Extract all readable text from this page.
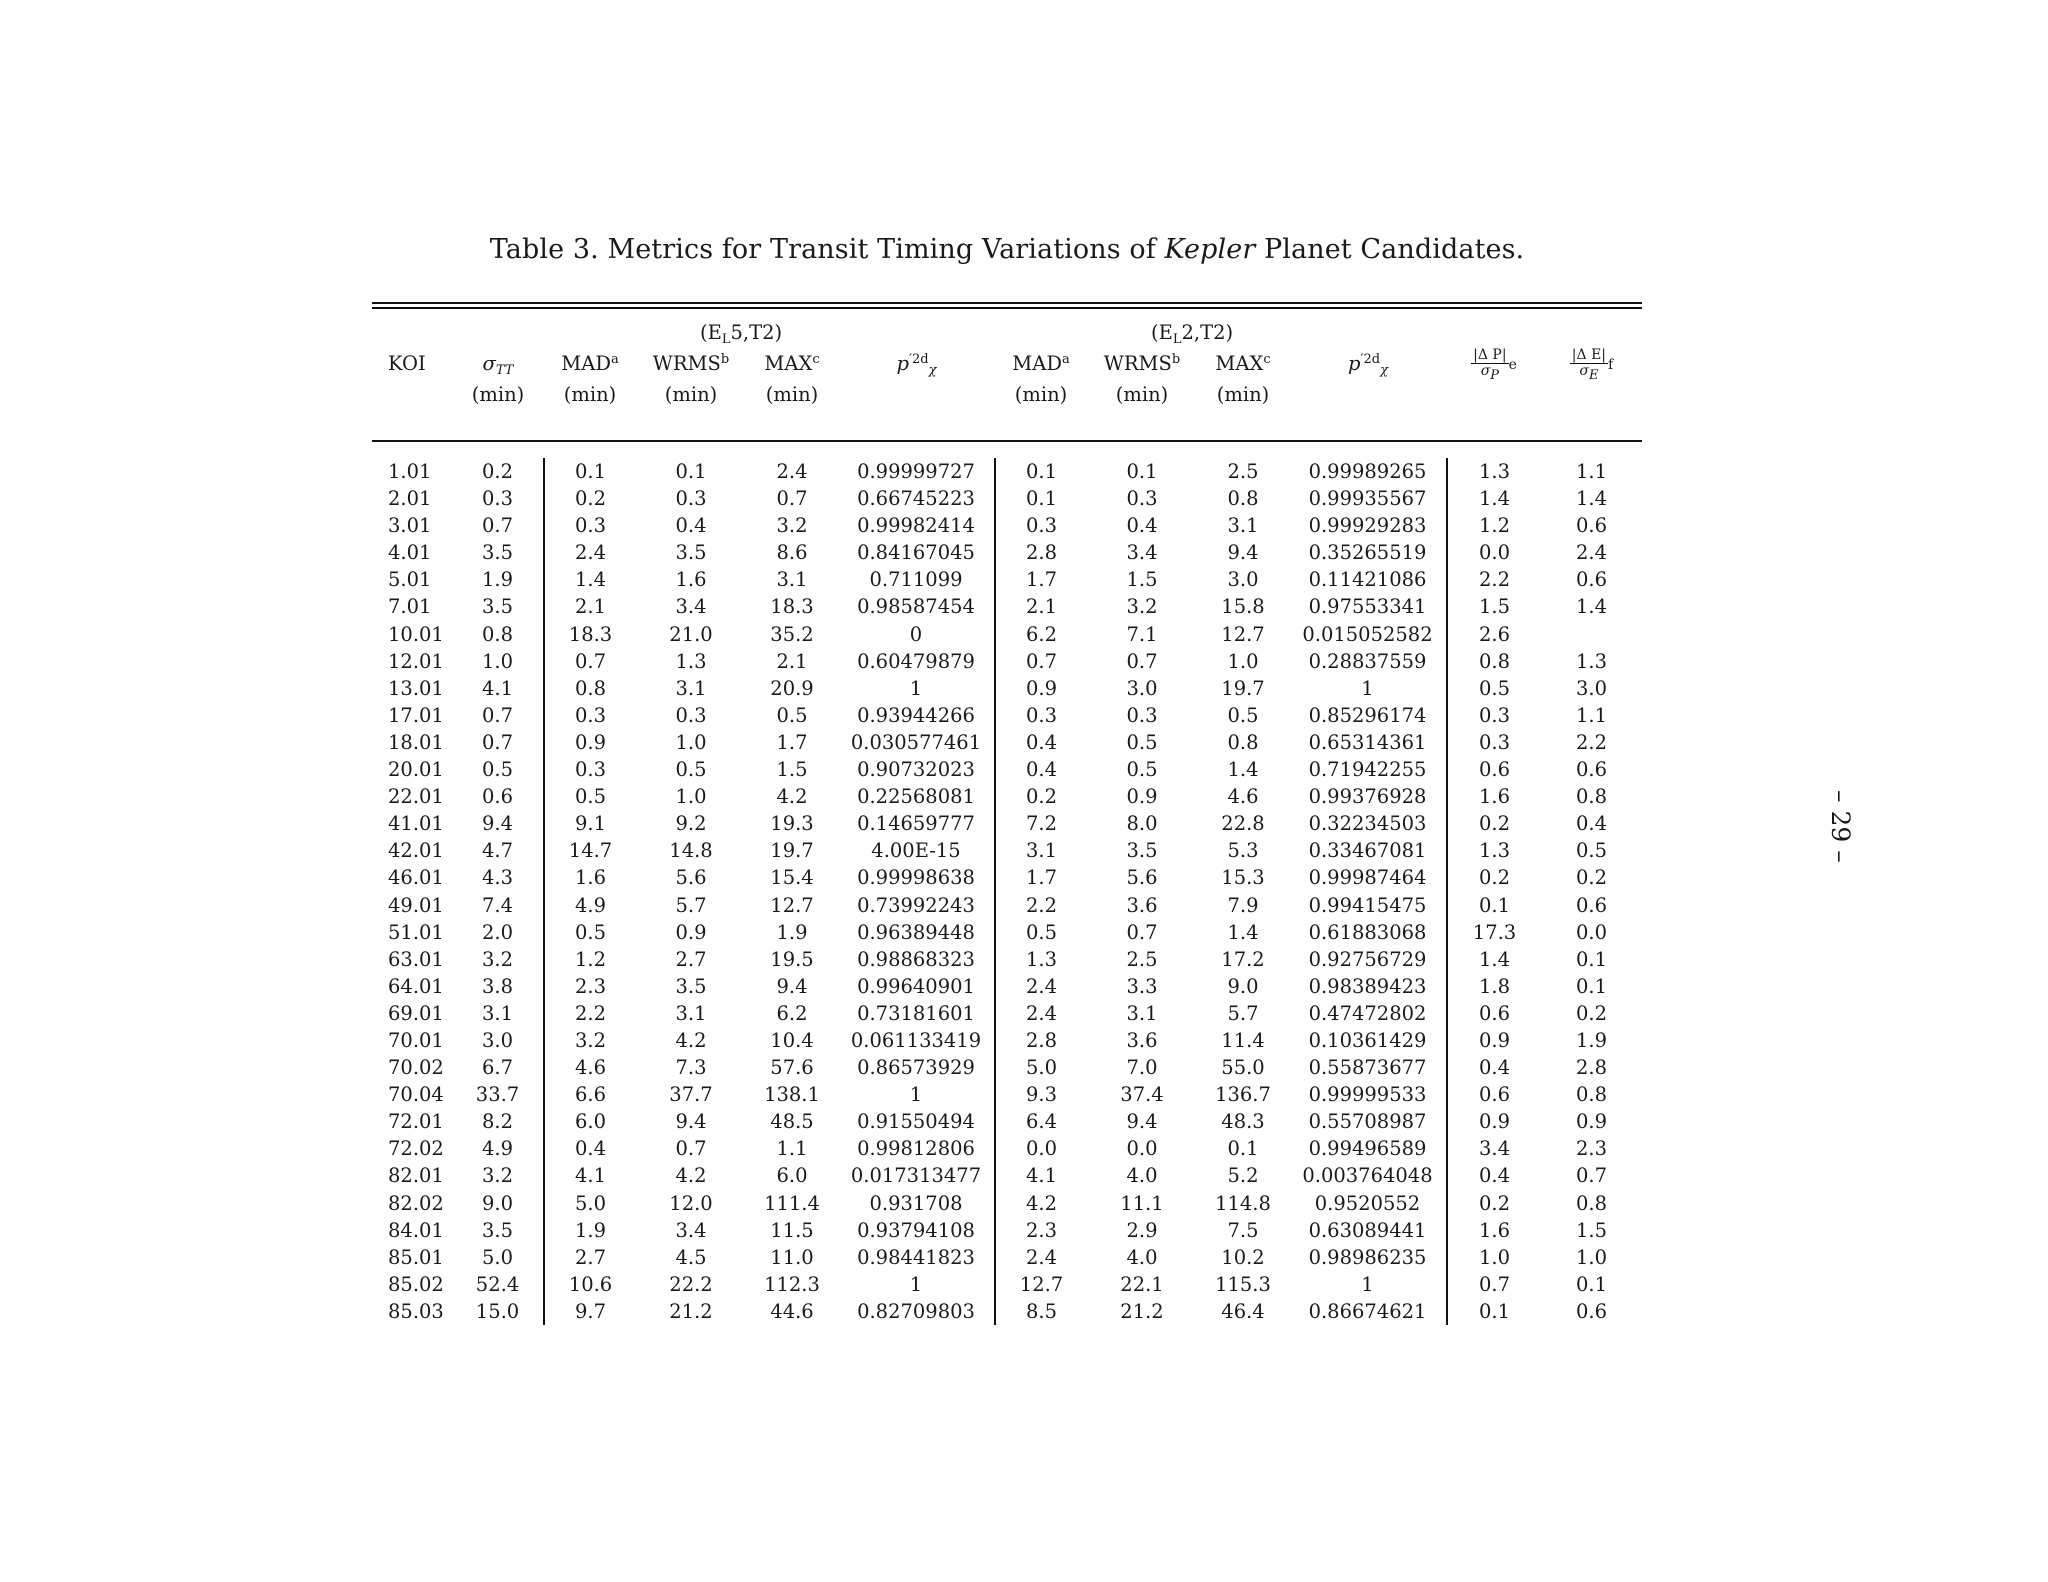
Table 3. Metrics for Transit Timing Variations of Kepler Planet Candidates.
– 29 –

				$(E_L5,T2)$				$(E_L2,T2)$			

KOI	$\sigma_{TT}$	MAD$^a$	WRMS$^b$	MAX$^c$	$p^{'2d}_\chi$	MAD$^a$	WRMS$^b$	MAX$^c$	$p^{'2d}_\chi$	$\frac{\text{|Δ P|}}{\sigma_P}$ e	$\frac{\text{|Δ E|}}{\sigma_E}$ f
	(min)	(min)	(min)	(min)		(min)	(min)	(min)			
1.01	0.2	0.1	0.1	2.4	0.99999727	0.1	0.1	2.5	0.99989265	1.3	1.1
2.01	0.3	0.2	0.3	0.7	0.66745223	0.1	0.3	0.8	0.99935567	1.4	1.4
3.01	0.7	0.3	0.4	3.2	0.99982414	0.3	0.4	3.1	0.99929283	1.2	0.6
4.01	3.5	2.4	3.5	8.6	0.84167045	2.8	3.4	9.4	0.35265519	0.0	2.4
5.01	1.9	1.4	1.6	3.1	0.711099	1.7	1.5	3.0	0.11421086	2.2	0.6
7.01	3.5	2.1	3.4	18.3	0.98587454	2.1	3.2	15.8	0.97553341	1.5	1.4
10.01	0.8	18.3	21.0	35.2	0	6.2	7.1	12.7	0.015052582	2.6	
12.01	1.0	0.7	1.3	2.1	0.60479879	0.7	0.7	1.0	0.28837559	0.8	1.3
13.01	4.1	0.8	3.1	20.9	1	0.9	3.0	19.7	1	0.5	3.0
17.01	0.7	0.3	0.3	0.5	0.93944266	0.3	0.3	0.5	0.85296174	0.3	1.1
18.01	0.7	0.9	1.0	1.7	0.030577461	0.4	0.5	0.8	0.65314361	0.3	2.2
20.01	0.5	0.3	0.5	1.5	0.90732023	0.4	0.5	1.4	0.71942255	0.6	0.6
22.01	0.6	0.5	1.0	4.2	0.22568081	0.2	0.9	4.6	0.99376928	1.6	0.8
41.01	9.4	9.1	9.2	19.3	0.14659777	7.2	8.0	22.8	0.32234503	0.2	0.4
42.01	4.7	14.7	14.8	19.7	4.00E-15	3.1	3.5	5.3	0.33467081	1.3	0.5
46.01	4.3	1.6	5.6	15.4	0.99998638	1.7	5.6	15.3	0.99987464	0.2	0.2
49.01	7.4	4.9	5.7	12.7	0.73992243	2.2	3.6	7.9	0.99415475	0.1	0.6
51.01	2.0	0.5	0.9	1.9	0.96389448	0.5	0.7	1.4	0.61883068	17.3	0.0
63.01	3.2	1.2	2.7	19.5	0.98868323	1.3	2.5	17.2	0.92756729	1.4	0.1
64.01	3.8	2.3	3.5	9.4	0.99640901	2.4	3.3	9.0	0.98389423	1.8	0.1
69.01	3.1	2.2	3.1	6.2	0.73181601	2.4	3.1	5.7	0.47472802	0.6	0.2
70.01	3.0	3.2	4.2	10.4	0.061133419	2.8	3.6	11.4	0.10361429	0.9	1.9
70.02	6.7	4.6	7.3	57.6	0.86573929	5.0	7.0	55.0	0.55873677	0.4	2.8
70.04	33.7	6.6	37.7	138.1	1	9.3	37.4	136.7	0.99999533	0.6	0.8
72.01	8.2	6.0	9.4	48.5	0.91550494	6.4	9.4	48.3	0.55708987	0.9	0.9
72.02	4.9	0.4	0.7	1.1	0.99812806	0.0	0.0	0.1	0.99496589	3.4	2.3
82.01	3.2	4.1	4.2	6.0	0.017313477	4.1	4.0	5.2	0.003764048	0.4	0.7
82.02	9.0	5.0	12.0	111.4	0.931708	4.2	11.1	114.8	0.9520552	0.2	0.8
84.01	3.5	1.9	3.4	11.5	0.93794108	2.3	2.9	7.5	0.63089441	1.6	1.5
85.01	5.0	2.7	4.5	11.0	0.98441823	2.4	4.0	10.2	0.98986235	1.0	1.0
85.02	52.4	10.6	22.2	112.3	1	12.7	22.1	115.3	1	0.7	0.1
85.03	15.0	9.7	21.2	44.6	0.82709803	8.5	21.2	46.4	0.86674621	0.1	0.6
